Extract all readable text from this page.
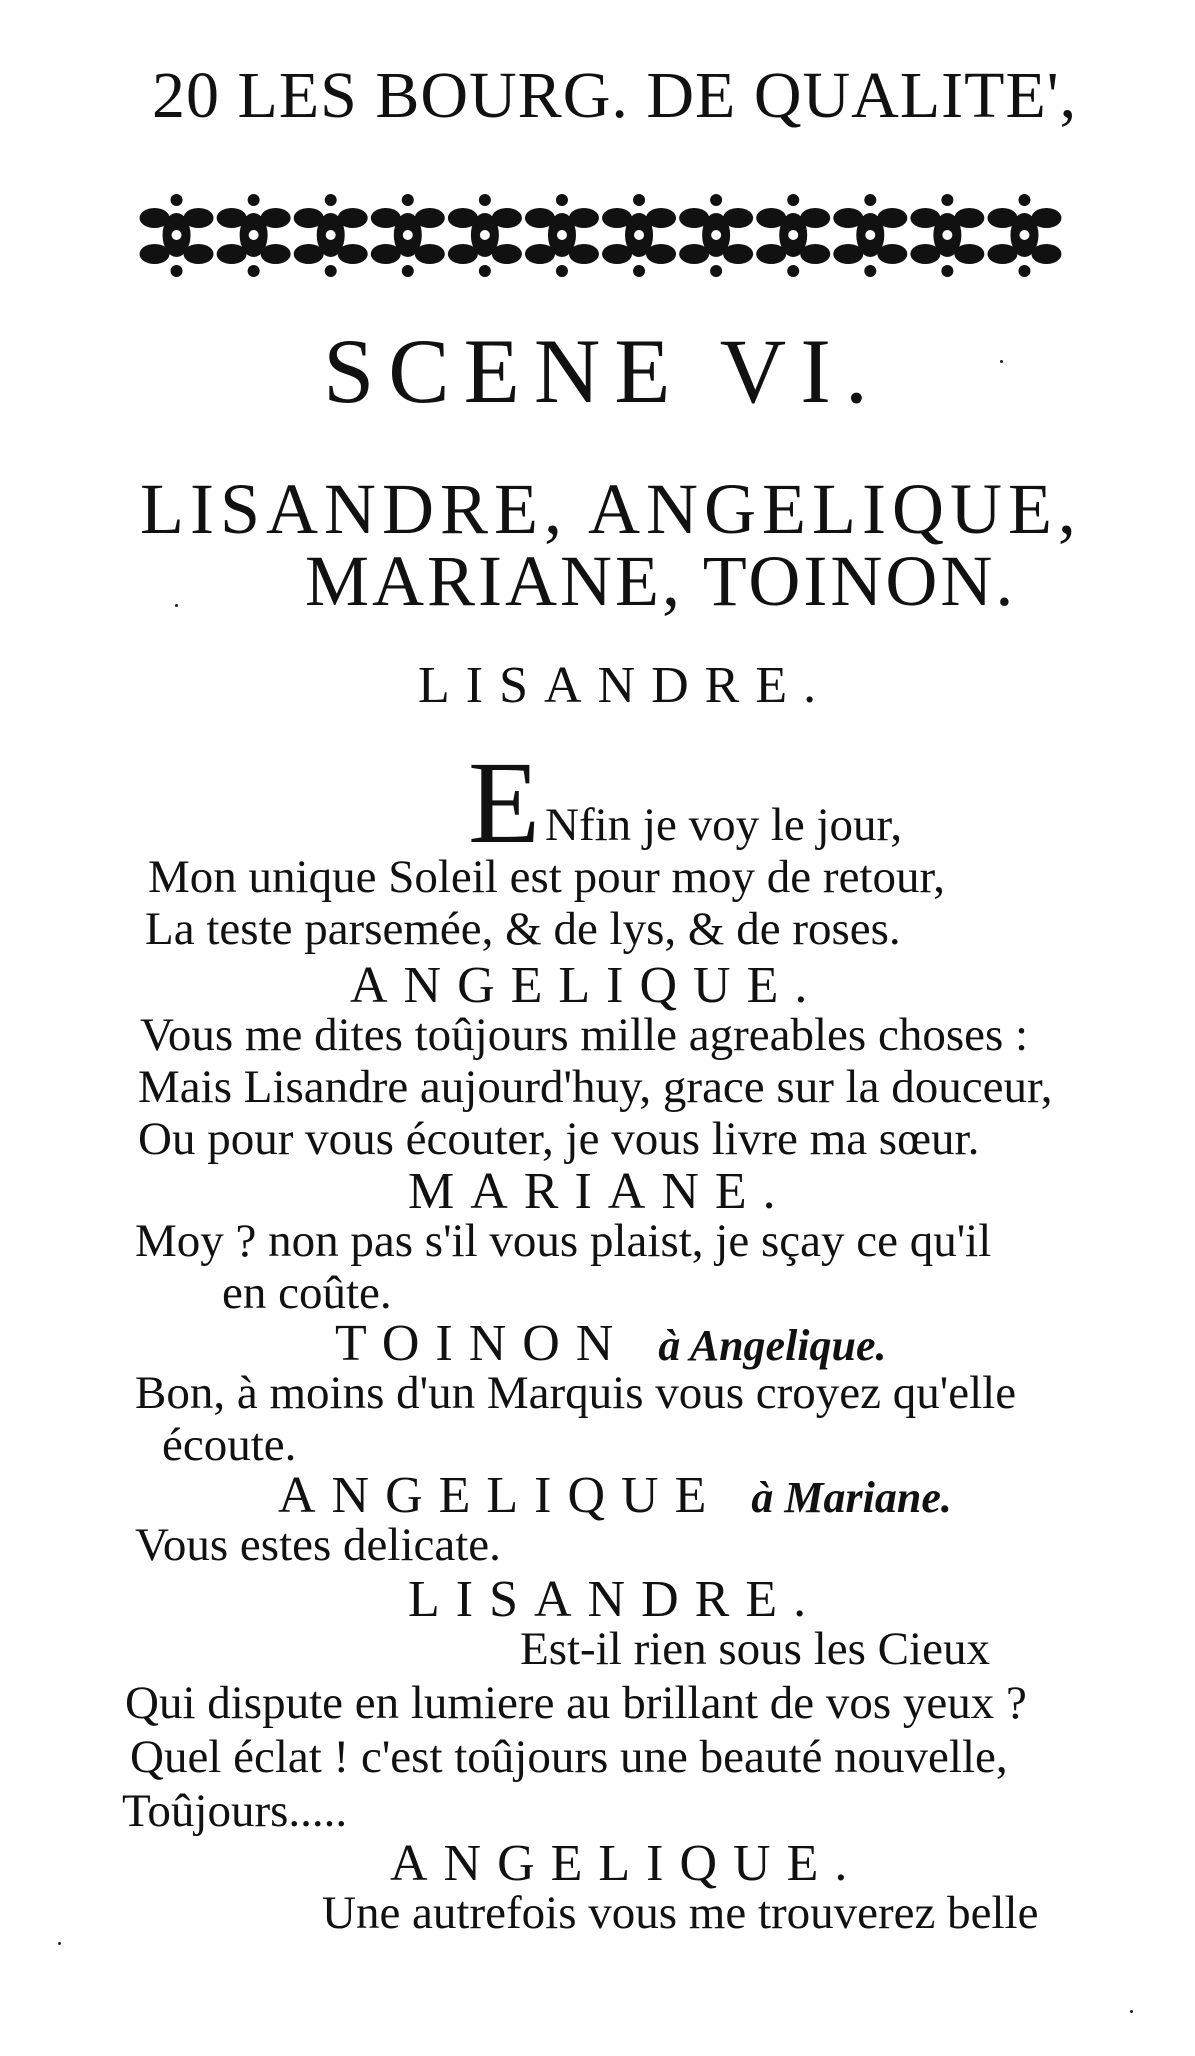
20 LES BOURG. DE QUALITE',
SCENE VI.
LISANDRE, ANGELIQUE,
MARIANE, TOINON.
LISANDRE.
E Nfin je voy le jour,
Mon unique Soleil est pour moy de retour,
La teste parsemée, & de lys, & de roses.
ANGELIQUE.
Vous me dites toûjours mille agreables choses :
Mais Lisandre aujourd'huy, grace sur la douceur,
Ou pour vous écouter, je vous livre ma sœur.
MARIANE.
Moy ? non pas s'il vous plaist, je sçay ce qu'il
en coûte.
TOINON à Angelique.
Bon, à moins d'un Marquis vous croyez qu'elle
écoute.
ANGELIQUE à Mariane.
Vous estes delicate.
LISANDRE.
Est-il rien sous les Cieux
Qui dispute en lumiere au brillant de vos yeux ?
Quel éclat ! c'est toûjours une beauté nouvelle,
Toûjours.....
ANGELIQUE.
Une autrefois vous me trouverez belle
